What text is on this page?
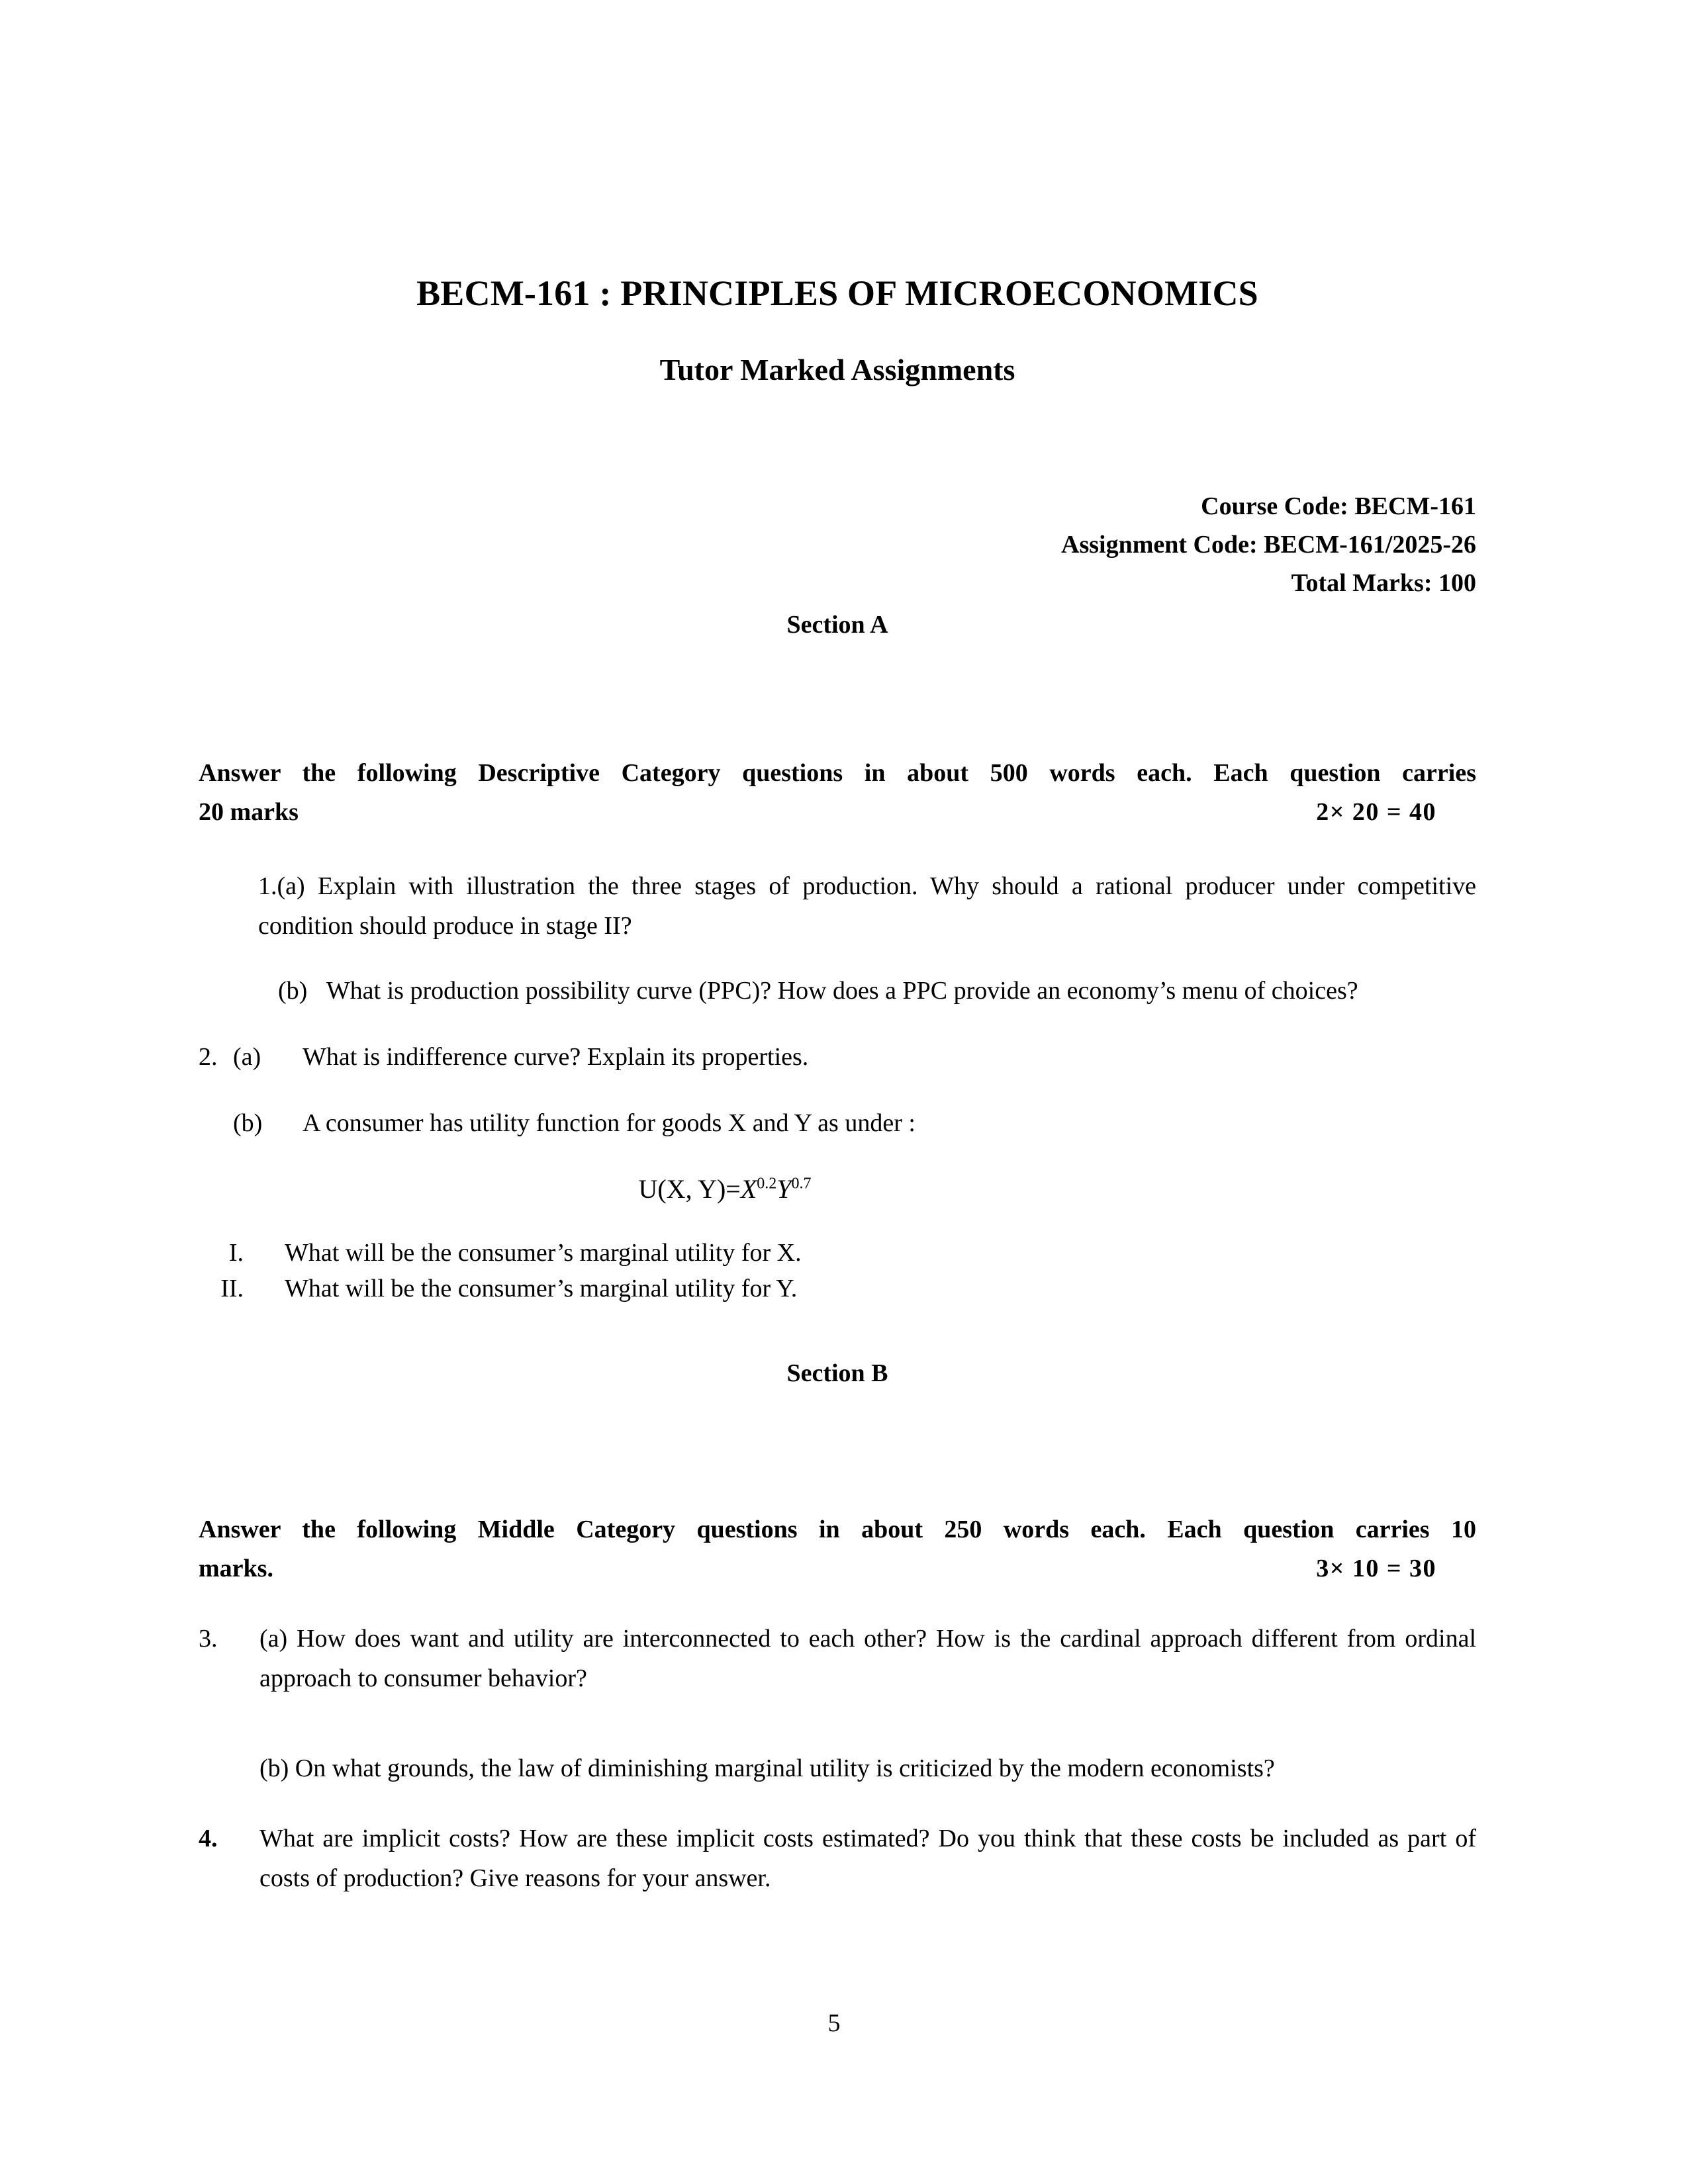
BECM-161 : PRINCIPLES OF MICROECONOMICS
Tutor Marked Assignments
Course Code: BECM-161
Assignment Code: BECM-161/2025-26
Total Marks: 100
Section A
Answer the following Descriptive Category questions in about 500 words each. Each question carries
20 marks	2× 20 = 40
1.(a) Explain with illustration the three stages of production. Why should a rational producer under competitive condition should produce in stage II?
(b) What is production possibility curve (PPC)? How does a PPC provide an economy’s menu of choices?
2. (a)	What is indifference curve? Explain its properties.
(b)	A consumer has utility function for goods X and Y as under :
U(X, $Y)=X^{0.2}Y^{0.7}$
I.	What will be the consumer’s marginal utility for X.
II.	What will be the consumer’s marginal utility for Y.
Section B
Answer the following Middle Category questions in about 250 words each. Each question carries 10
marks.	3× 10 = 30
3.	(a) How does want and utility are interconnected to each other? How is the cardinal approach different from ordinal approach to consumer behavior?
(b) On what grounds, the law of diminishing marginal utility is criticized by the modern economists?
4.	What are implicit costs? How are these implicit costs estimated? Do you think that these costs be included as part of costs of production? Give reasons for your answer.
5
